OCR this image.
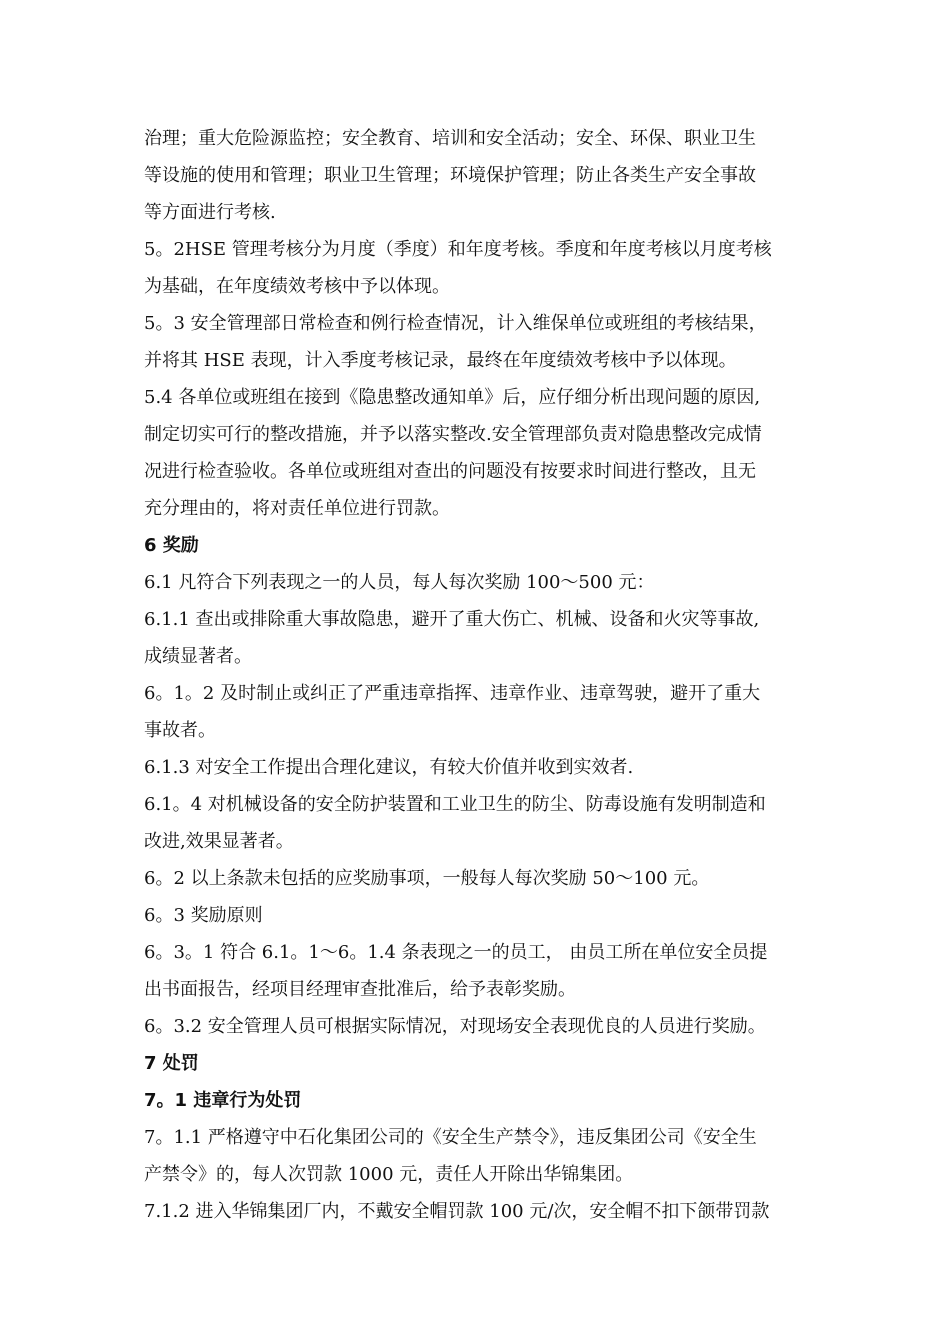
治理；重大危险源监控；安全教育、培训和安全活动；安全、环保、职业卫生
等设施的使用和管理；职业卫生管理；环境保护管理；防止各类生产安全事故
等方面进行考核.
5。2HSE 管理考核分为月度（季度）和年度考核。季度和年度考核以月度考核
为基础，在年度绩效考核中予以体现。
5。3 安全管理部日常检查和例行检查情况，计入维保单位或班组的考核结果，
并将其 HSE 表现，计入季度考核记录，最终在年度绩效考核中予以体现。
5.4 各单位或班组在接到《隐患整改通知单》后，应仔细分析出现问题的原因,
制定切实可行的整改措施，并予以落实整改.安全管理部负责对隐患整改完成情
况进行检查验收。各单位或班组对查出的问题没有按要求时间进行整改，且无
充分理由的，将对责任单位进行罚款。
6 奖励
6.1 凡符合下列表现之一的人员，每人每次奖励 100～500 元：
6.1.1 查出或排除重大事故隐患，避开了重大伤亡、机械、设备和火灾等事故,
成绩显著者。
6。1。2 及时制止或纠正了严重违章指挥、违章作业、违章驾驶，避开了重大
事故者。
6.1.3 对安全工作提出合理化建议，有较大价值并收到实效者.
6.1。4 对机械设备的安全防护装置和工业卫生的防尘、防毒设施有发明制造和
改进,效果显著者。
6。2 以上条款未包括的应奖励事项，一般每人每次奖励 50～100 元。
6。3 奖励原则
6。3。1 符合 6.1。1～6。1.4 条表现之一的员工， 由员工所在单位安全员提
出书面报告，经项目经理审查批准后，给予表彰奖励。
6。3.2 安全管理人员可根据实际情况，对现场安全表现优良的人员进行奖励。
7 处罚
7。1 违章行为处罚
7。1.1 严格遵守中石化集团公司的《安全生产禁令》，违反集团公司《安全生
产禁令》的，每人次罚款 1000 元，责任人开除出华锦集团。
7.1.2 进入华锦集团厂内，不戴安全帽罚款 100 元/次，安全帽不扣下颌带罚款
